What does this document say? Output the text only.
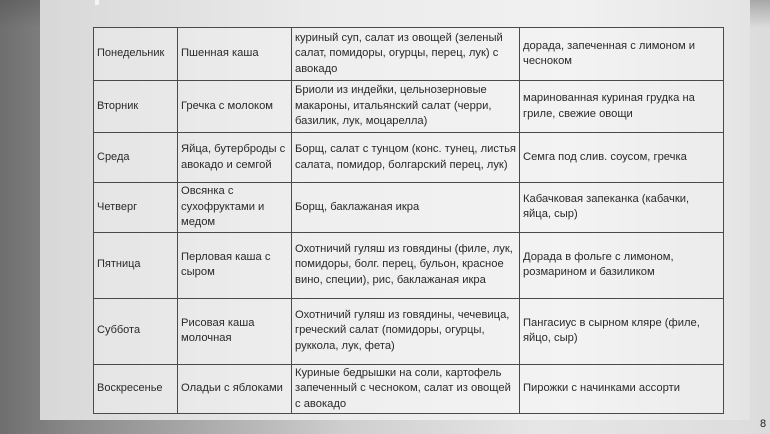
Понедельник	Пшенная каша	куриный суп, салат из овощей (зеленый салат, помидоры, огурцы, перец, лук) с авокадо	дорада, запеченная с лимоном и чесноком
Вторник	Гречка с молоком	Бриоли из индейки, цельнозерновые макароны, итальянский салат (черри, базилик, лук, моцарелла)	маринованная куриная грудка на гриле, свежие овощи
Среда	Яйца, бутерброды с авокадо и семгой	Борщ, салат с тунцом (конс. тунец, листья салата, помидор, болгарский перец, лук)	Семга под слив. соусом, гречка
Четверг	Овсянка с сухофруктами и медом	Борщ, баклажаная икра	Кабачковая запеканка (кабачки, яйца, сыр)
Пятница	Перловая каша с сыром	Охотничий гуляш из говядины (филе, лук, помидоры, болг. перец, бульон, красное вино, специи), рис, баклажаная икра	Дорада в фольге с лимоном, розмарином и базиликом
Суббота	Рисовая каша молочная	Охотничий гуляш из говядины, чечевица, греческий салат (помидоры, огурцы, руккола, лук, фета)	Пангасиус в сырном кляре (филе, яйцо, сыр)
Воскресенье	Оладьи с яблоками	Куриные бедрышки на соли, картофель запеченный с чесноком, салат из овощей с авокадо	Пирожки с начинками ассорти
8
